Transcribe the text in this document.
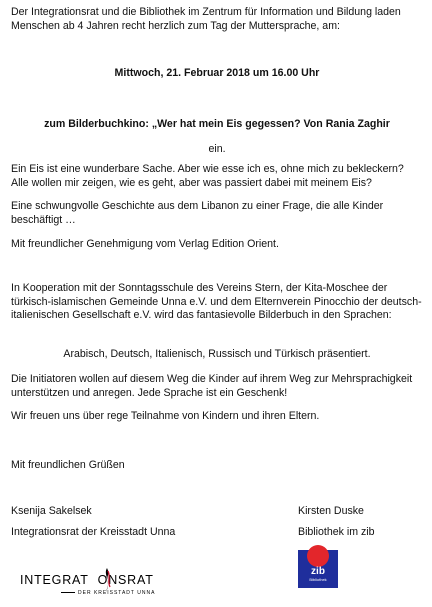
Der Integrationsrat und die Bibliothek im Zentrum für Information und Bildung laden Menschen ab 4 Jahren recht herzlich zum Tag der Muttersprache, am:

Mittwoch, 21. Februar 2018 um 16.00 Uhr

zum Bilderbuchkino: „Wer hat mein Eis gegessen? Von Rania Zaghir

ein.

Ein Eis ist eine wunderbare Sache. Aber wie esse ich es, ohne mich zu bekleckern? Alle wollen mir zeigen, wie es geht, aber was passiert dabei mit meinem Eis?

Eine schwungvolle Geschichte aus dem Libanon zu einer Frage, die alle Kinder beschäftigt …

Mit freundlicher Genehmigung vom Verlag Edition Orient.

In Kooperation mit der Sonntagsschule des Vereins Stern, der Kita-Moschee der türkisch-islamischen Gemeinde Unna e.V. und dem Elternverein Pinocchio der deutsch-italienischen Gesellschaft e.V. wird das fantasievolle Bilderbuch in den Sprachen:

Arabisch, Deutsch, Italienisch, Russisch und Türkisch präsentiert.

Die Initiatoren wollen auf diesem Weg die Kinder auf ihrem Weg zur Mehrsprachigkeit unterstützen und anregen. Jede Sprache ist ein Geschenk!

Wir freuen uns über rege Teilnahme von Kindern und ihren Eltern.

Mit freundlichen Grüßen

Ksenija Sakelsek

Integrationsrat der Kreisstadt Unna

Kirsten Duske

Bibliothek im zib

INTEGRAT ONSRAT
DER KREISSTADT UNNA
zib
Bibliothek
